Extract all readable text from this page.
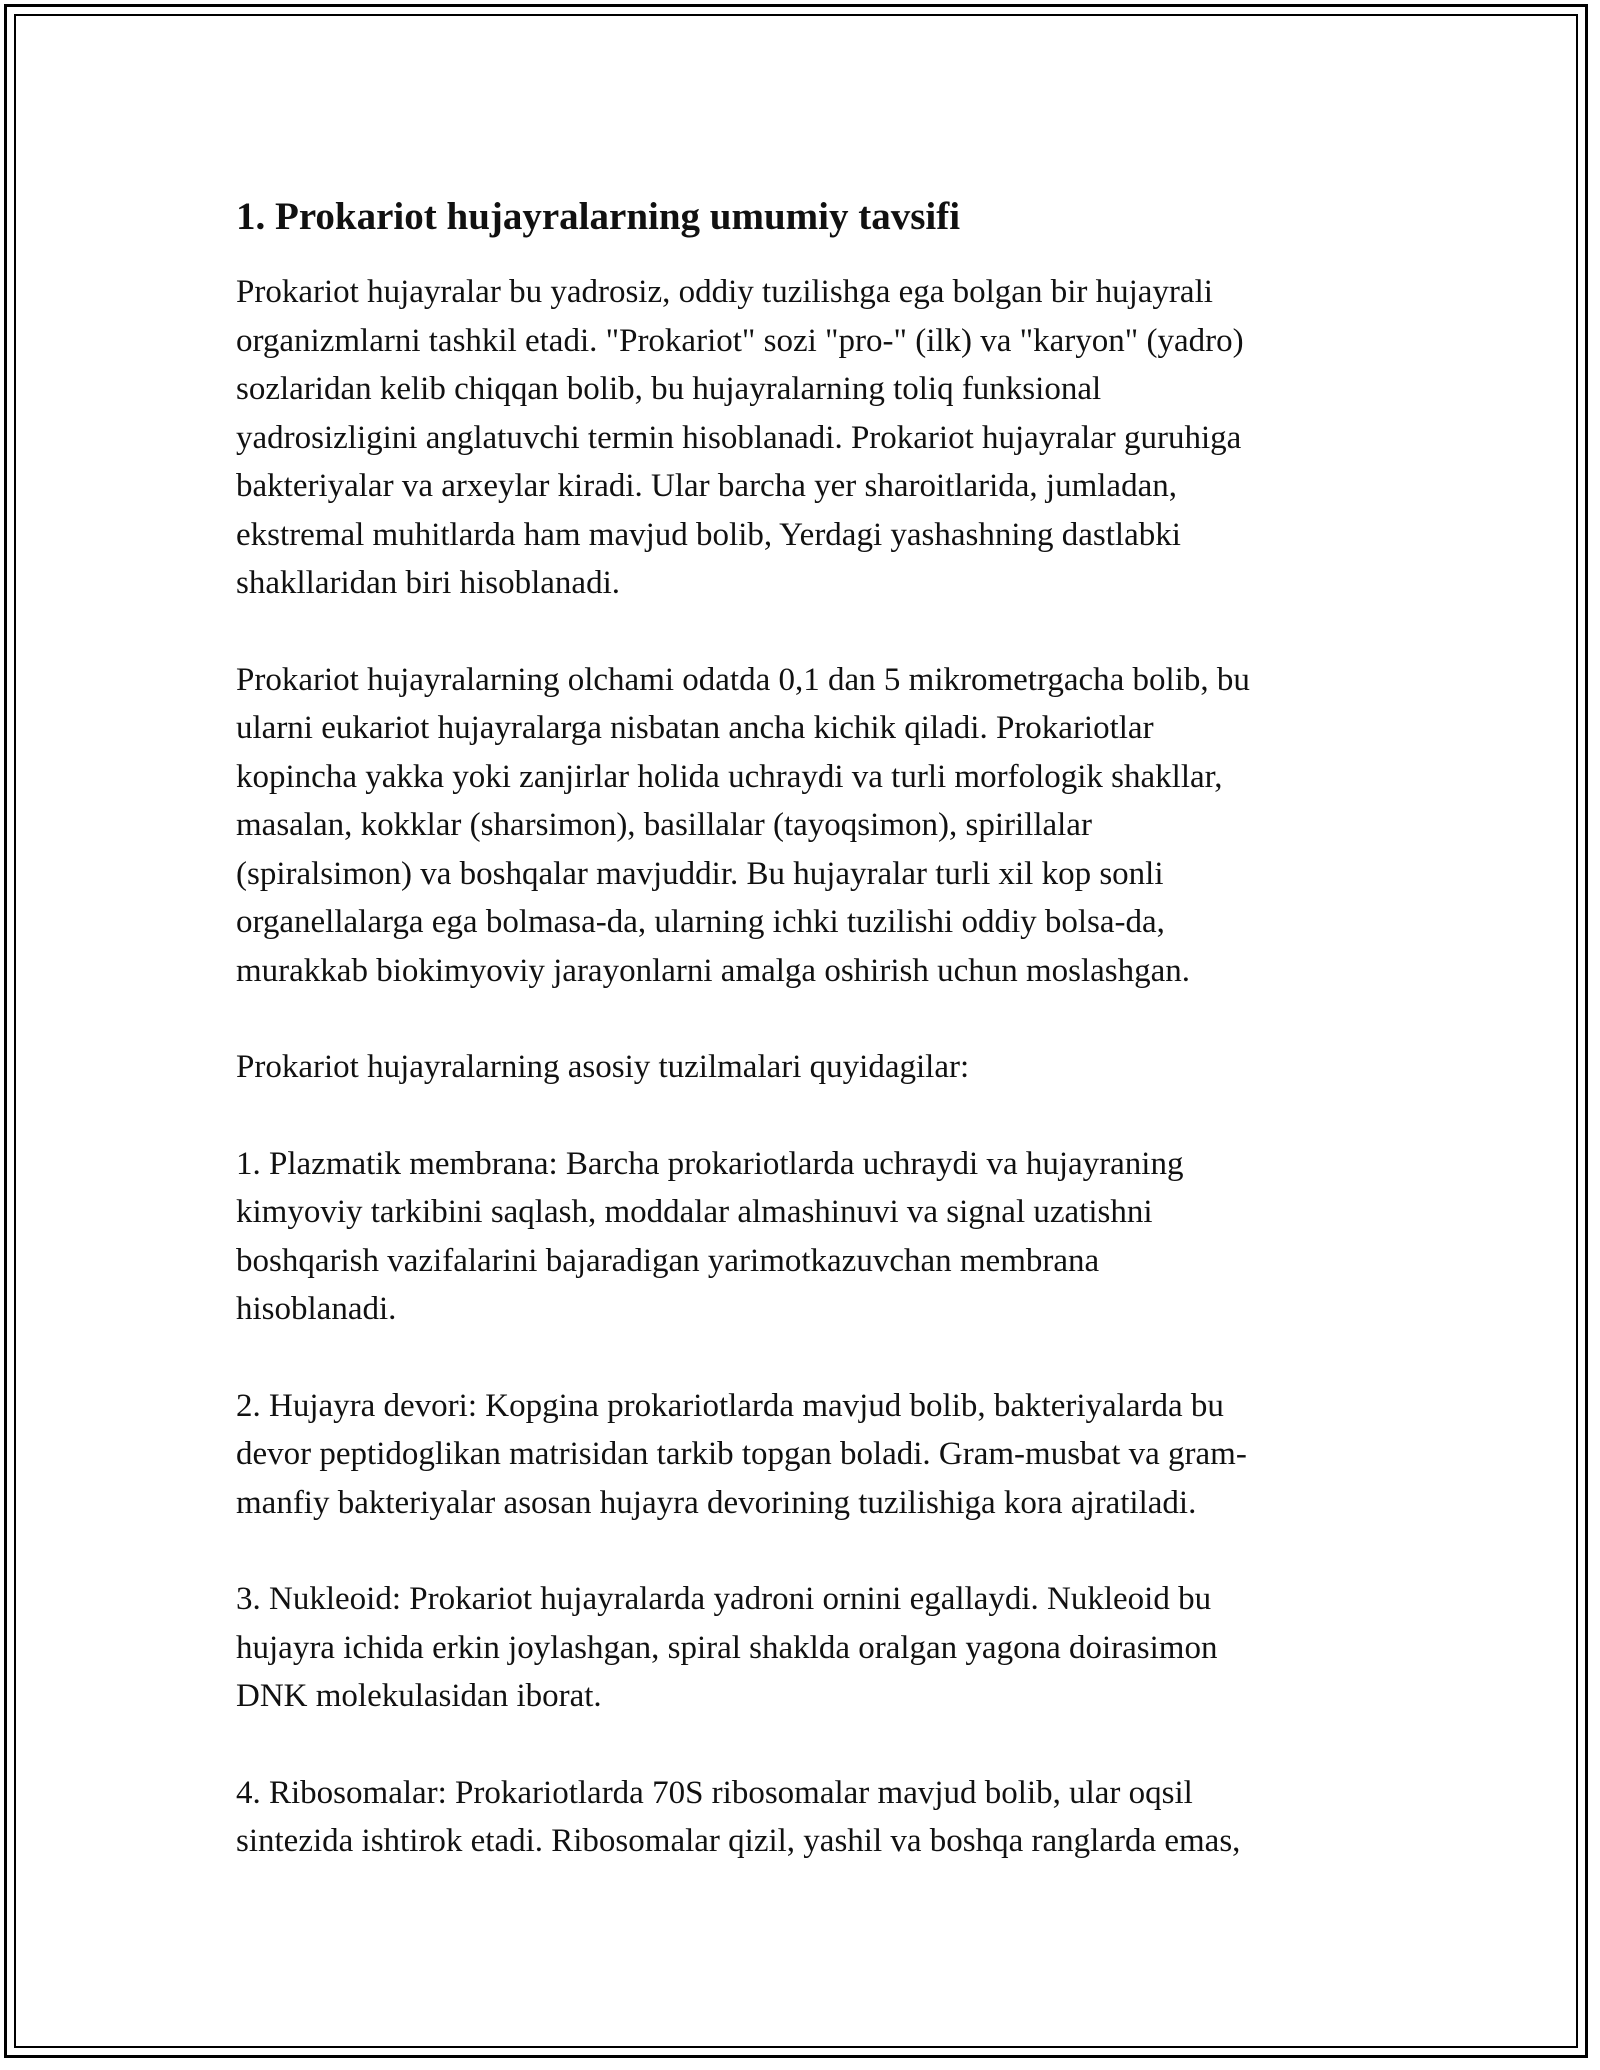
1. Prokariot hujayralarning umumiy tavsifi

Prokariot hujayralar bu yadrosiz, oddiy tuzilishga ega bolgan bir hujayrali
organizmlarni tashkil etadi. "Prokariot" sozi "pro-" (ilk) va "karyon" (yadro)
sozlaridan kelib chiqqan bolib, bu hujayralarning toliq funksional
yadrosizligini anglatuvchi termin hisoblanadi. Prokariot hujayralar guruhiga
bakteriyalar va arxeylar kiradi. Ular barcha yer sharoitlarida, jumladan,
ekstremal muhitlarda ham mavjud bolib, Yerdagi yashashning dastlabki
shakllaridan biri hisoblanadi.

Prokariot hujayralarning olchami odatda 0,1 dan 5 mikrometrgacha bolib, bu
ularni eukariot hujayralarga nisbatan ancha kichik qiladi. Prokariotlar
kopincha yakka yoki zanjirlar holida uchraydi va turli morfologik shakllar,
masalan, kokklar (sharsimon), basillalar (tayoqsimon), spirillalar
(spiralsimon) va boshqalar mavjuddir. Bu hujayralar turli xil kop sonli
organellalarga ega bolmasa-da, ularning ichki tuzilishi oddiy bolsa-da,
murakkab biokimyoviy jarayonlarni amalga oshirish uchun moslashgan.

Prokariot hujayralarning asosiy tuzilmalari quyidagilar:

1. Plazmatik membrana: Barcha prokariotlarda uchraydi va hujayraning
kimyoviy tarkibini saqlash, moddalar almashinuvi va signal uzatishni
boshqarish vazifalarini bajaradigan yarimotkazuvchan membrana
hisoblanadi.

2. Hujayra devori: Kopgina prokariotlarda mavjud bolib, bakteriyalarda bu
devor peptidoglikan matrisidan tarkib topgan boladi. Gram-musbat va gram-
manfiy bakteriyalar asosan hujayra devorining tuzilishiga kora ajratiladi.

3. Nukleoid: Prokariot hujayralarda yadroni ornini egallaydi. Nukleoid bu
hujayra ichida erkin joylashgan, spiral shakldа oralgan yagona doirasimon
DNK molekulasidan iborat.

4. Ribosomalar: Prokariotlarda 70S ribosomalar mavjud bolib, ular oqsil
sintezida ishtirok etadi. Ribosomalar qizil, yashil va boshqa ranglarda emas,
